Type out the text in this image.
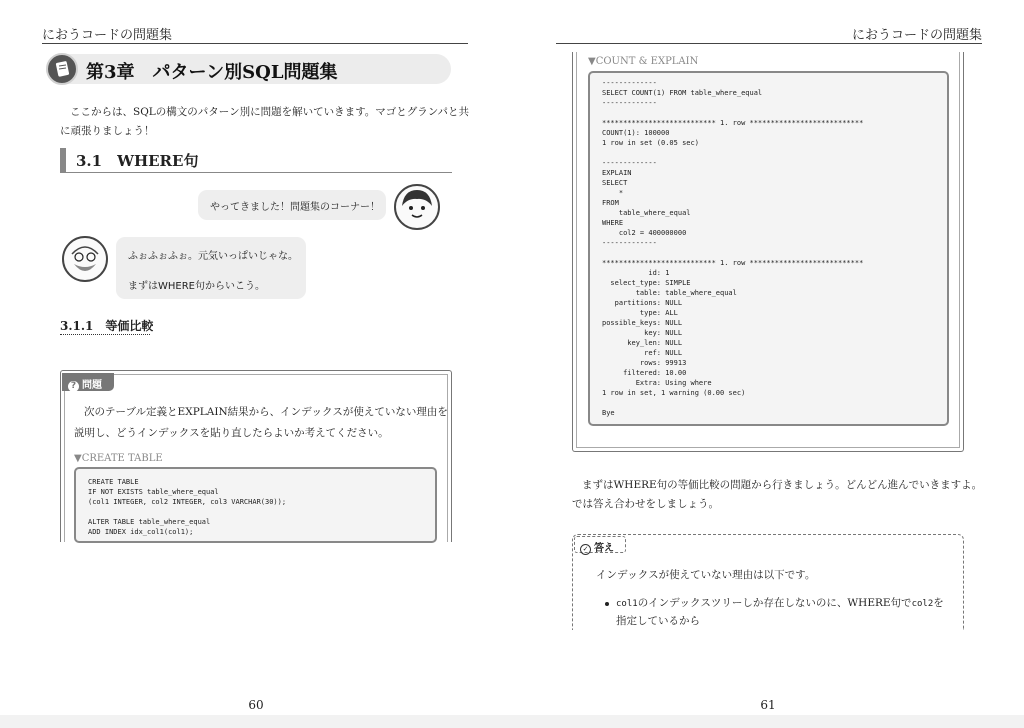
におうコードの問題集
第3章　パターン別SQL問題集
ここからは、SQLの構文のパターン別に問題を解いていきます。マゴとグランパと共
に頑張りましょう！
3.1　WHERE句
やってきました！問題集のコーナー！
ふぉふぉふぉ。元気いっぱいじゃな。
まずはWHERE句からいこう。
3.1.1　等価比較
? 問題
次のテーブル定義とEXPLAIN結果から、インデックスが使えていない理由を
説明し、どうインデックスを貼り直したらよいか考えてください。
▼CREATE TABLE
CREATE TABLE
IF NOT EXISTS table_where_equal
(col1 INTEGER, col2 INTEGER, col3 VARCHAR(30));
ALTER TABLE table_where_equal
ADD INDEX idx_col1(col1);
60
におうコードの問題集
61
▼COUNT & EXPLAIN
-------------
SELECT COUNT(1) FROM table_where_equal
-------------
*************************** 1. row ***************************
COUNT(1): 100000
1 row in set (0.05 sec)
-------------
EXPLAIN
SELECT
*
FROM
table_where_equal
WHERE
col2 = 400000000
-------------
*************************** 1. row ***************************
id: 1
select_type: SIMPLE
table: table_where_equal
partitions: NULL
type: ALL
possible_keys: NULL
key: NULL
key_len: NULL
ref: NULL
rows: 99913
filtered: 10.00
Extra: Using where
1 row in set, 1 warning (0.00 sec)
Bye
まずはWHERE句の等価比較の問題から行きましょう。どんどん進んでいきますよ。
では答え合わせをしましょう。
✓ 答え
インデックスが使えていない理由は以下です。
col1のインデックスツリーしか存在しないのに、WHERE句でcol2を
指定しているから
